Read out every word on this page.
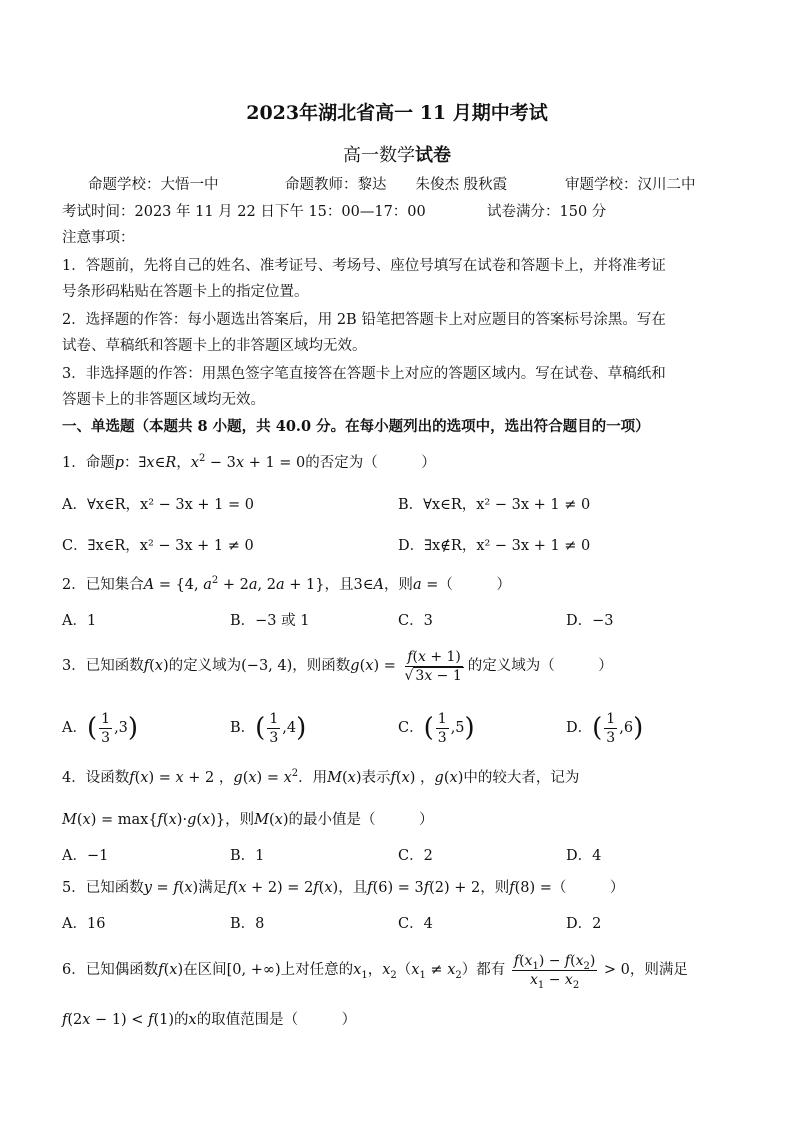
2023年湖北省高一 11 月期中考试
高一数学试卷
命题学校：大悟一中	命题教师：黎达　　朱俊杰 殷秋霞	审题学校：汉川二中
考试时间：2023 年 11 月 22 日下午 15：00—17：00	试卷满分：150 分
注意事项：
1．答题前，先将自己的姓名、准考证号、考场号、座位号填写在试卷和答题卡上，并将准考证
号条形码粘贴在答题卡上的指定位置。
2．选择题的作答：每小题选出答案后，用 2B 铅笔把答题卡上对应题目的答案标号涂黑。写在
试卷、草稿纸和答题卡上的非答题区域均无效。
3．非选择题的作答：用黑色签字笔直接答在答题卡上对应的答题区域内。写在试卷、草稿纸和
答题卡上的非答题区域均无效。
一、单选题（本题共 8 小题，共 40.0 分。在每小题列出的选项中，选出符合题目的一项）
1．命题p：∃x∈R，$x^2 - 3x + 1 = 0$的否定为（　　　）
A．∀x∈R，x² − 3x + 1 = 0	B．∀x∈R，x² − 3x + 1 ≠ 0
C．∃x∈R，x² − 3x + 1 ≠ 0	D．∃x∉R，x² − 3x + 1 ≠ 0
2．已知集合A = {4, $a^2 + 2a$, 2a + 1}，且3∈A，则a =（　　　）
A．1	B．−3 或 1	C．3	D．−3
3．已知函数f(x)的定义域为(−3, 4)，则函数$g(x) = \frac{f(x + 1)}{√ 3x - 1}$ 的定义域为（　　　）
A．( $\frac{1}{3} ,3$)	B．( $\frac{1}{3} ,4$)	C．( $\frac{1}{3} ,5$)	D．( $\frac{1}{3} ,6$)
4．设函数f(x) = x + 2 ，$g(x) = x^2$．用M(x)表示f(x) ，g(x)中的较大者，记为
M(x) = max{f(x)·g(x)}，则M(x)的最小值是（　　　）
A．−1	B．1	C．2	D．4
5．已知函数y = f(x)满足f(x + 2) = 2f(x)，且f(6) = 3f(2) + 2，则f(8) =（　　　）
A．16	B．8	C．4	D．2
6．已知偶函数f(x)在区间[0, +∞)上对任意的$x_1$，$x_2(x_1 \ne x_2)$都有 $\frac{f(x_1) - f(x_2)}{x_1 - x_2} > 0$，则满足
f(2x − 1) < f(1)的x的取值范围是（　　　）
